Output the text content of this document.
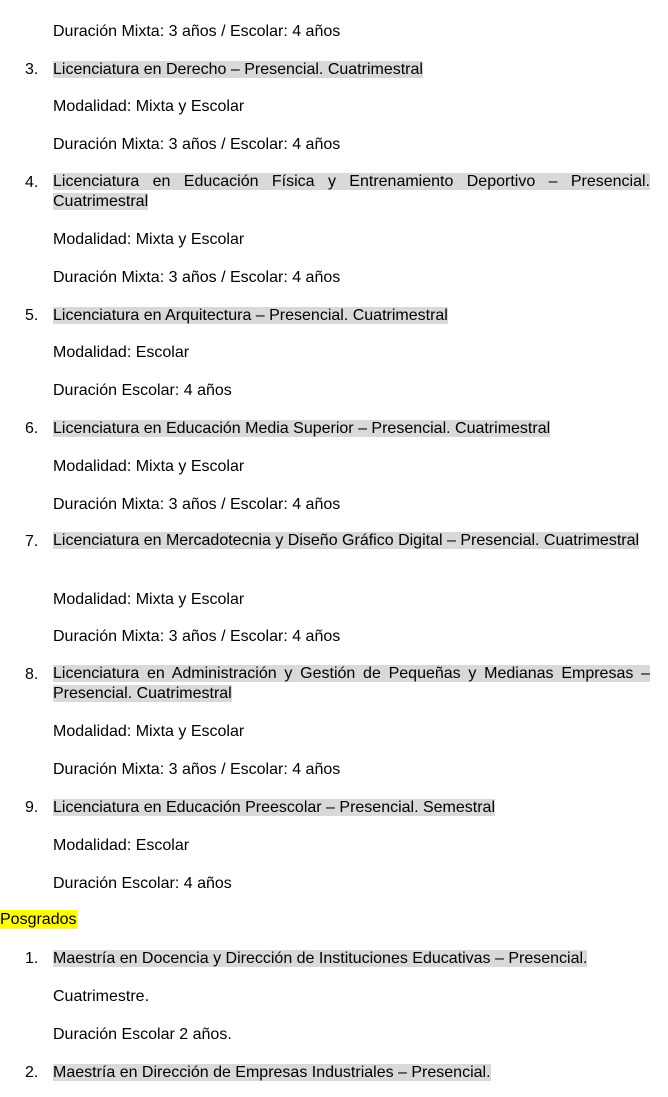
Duración Mixta: 3 años / Escolar: 4 años
3. Licenciatura en Derecho – Presencial. Cuatrimestral
Modalidad: Mixta y Escolar
Duración Mixta: 3 años / Escolar: 4 años
4. Licenciatura en Educación Física y Entrenamiento Deportivo – Presencial. Cuatrimestral
Modalidad: Mixta y Escolar
Duración Mixta: 3 años / Escolar: 4 años
5. Licenciatura en Arquitectura – Presencial. Cuatrimestral
Modalidad: Escolar
Duración Escolar: 4 años
6. Licenciatura en Educación Media Superior – Presencial. Cuatrimestral
Modalidad: Mixta y Escolar
Duración Mixta: 3 años / Escolar: 4 años
7. Licenciatura en Mercadotecnia y Diseño Gráfico Digital – Presencial. Cuatrimestral
Modalidad: Mixta y Escolar
Duración Mixta: 3 años / Escolar: 4 años
8. Licenciatura en Administración y Gestión de Pequeñas y Medianas Empresas – Presencial. Cuatrimestral
Modalidad: Mixta y Escolar
Duración Mixta: 3 años / Escolar: 4 años
9. Licenciatura en Educación Preescolar – Presencial. Semestral
Modalidad: Escolar
Duración Escolar: 4 años
Posgrados
1. Maestría en Docencia y Dirección de Instituciones Educativas – Presencial.
Cuatrimestre.
Duración Escolar 2 años.
2. Maestría en Dirección de Empresas Industriales – Presencial.
